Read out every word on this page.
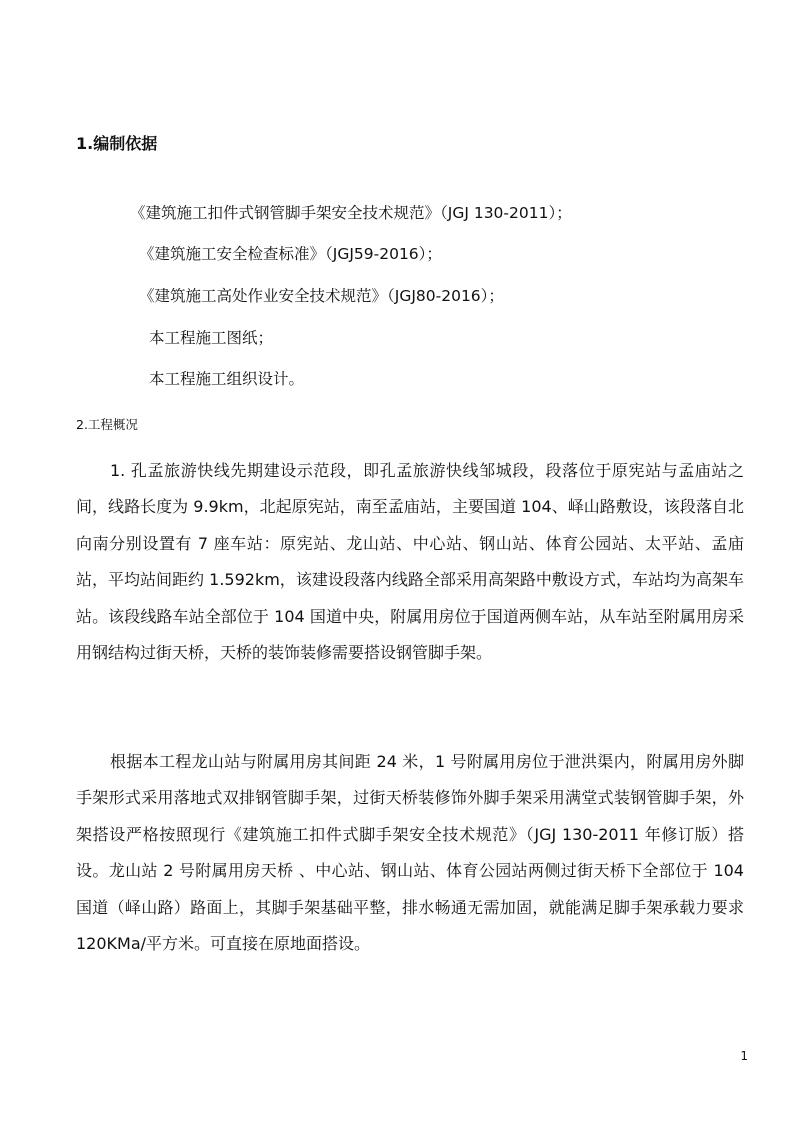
1.编制依据
《建筑施工扣件式钢管脚手架安全技术规范》（JGJ 130-2011）；
《建筑施工安全检查标准》（JGJ59-2016）；
《建筑施工高处作业安全技术规范》（JGJ80-2016）；
本工程施工图纸；
本工程施工组织设计。
2.工程概况

1. 孔孟旅游快线先期建设示范段，即孔孟旅游快线邹城段，段落位于原宪站与孟庙站之间，线路长度为 9.9km，北起原宪站，南至孟庙站，主要国道 104、峄山路敷设，该段落自北向南分别设置有 7 座车站：原宪站、龙山站、中心站、钢山站、体育公园站、太平站、孟庙站，平均站间距约 1.592km，该建设段落内线路全部采用高架路中敷设方式，车站均为高架车站。该段线路车站全部位于 104 国道中央，附属用房位于国道两侧车站，从车站至附属用房采用钢结构过街天桥，天桥的装饰装修需要搭设钢管脚手架。

根据本工程龙山站与附属用房其间距 24 米，1 号附属用房位于泄洪渠内，附属用房外脚手架形式采用落地式双排钢管脚手架，过街天桥装修饰外脚手架采用满堂式装钢管脚手架，外架搭设严格按照现行《建筑施工扣件式脚手架安全技术规范》（JGJ 130-2011 年修订版）搭设。龙山站 2 号附属用房天桥 、中心站、钢山站、体育公园站两侧过街天桥下全部位于 104 国道（峄山路）路面上，其脚手架基础平整，排水畅通无需加固，就能满足脚手架承载力要求 120KMa/平方米。可直接在原地面搭设。

1
